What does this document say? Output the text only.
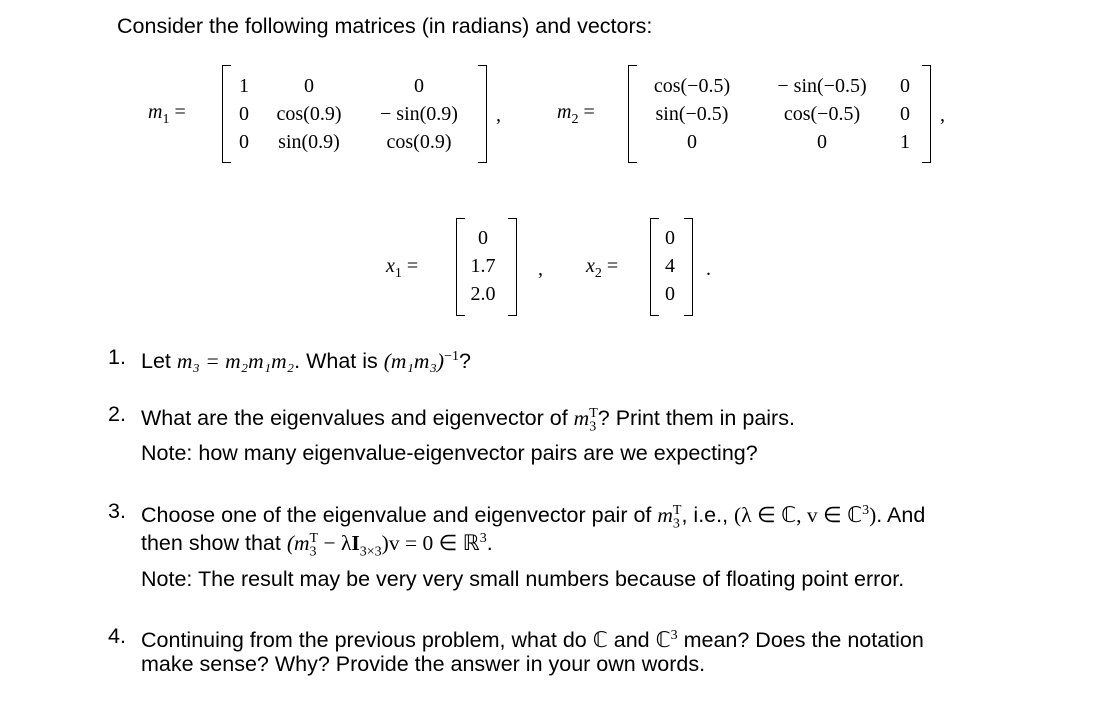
Consider the following matrices (in radians) and vectors:
$m_1$ =
1	0	0
0	cos(0.9)	− sin(0.9)
0	sin(0.9)	cos(0.9)
,	$m_2$ =
cos(−0.5)	− sin(−0.5)	0
sin(−0.5)	cos(−0.5)	0
0	0	1
,
$x_1$ =
0
1.7
2.0
, $x_2$ =
0
4
0
.
1. Let m₃ = m₂m₁m₂. What is $(m_1m_3)^{-1}$?
2. What are the eigenvalues and eigenvector of $m_3^T$? Print them in pairs.
Note: how many eigenvalue-eigenvector pairs are we expecting?
3. Choose one of the eigenvalue and eigenvector pair of $m_3^T$, i.e., (λ ∈ ℂ, v ∈ ℂ$^3$). And
then show that $(m_3^T - \lambda I_{3\times 3})v = 0$ ∈ ℝ$^3$.
Note: The result may be very very small numbers because of floating point error.
4. Continuing from the previous problem, what do ℂ and ℂ$^3$ mean? Does the notation
make sense? Why? Provide the answer in your own words.
